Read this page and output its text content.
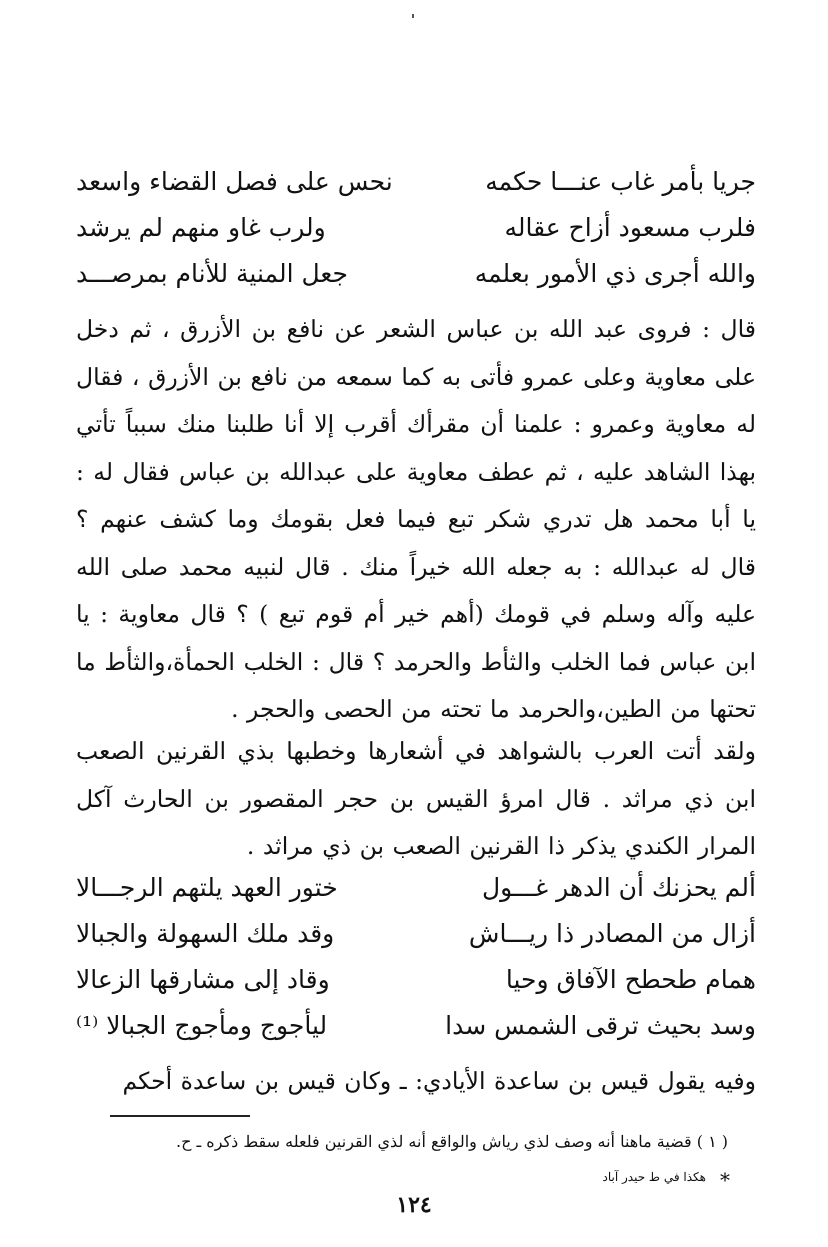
جريا بأمر غاب عنـــا حكمه
نحس على فصل القضاء واسعد
فلرب مسعود أزاح عقاله
ولرب غاو منهم لم يرشد
والله أجرى ذي الأمور بعلمه
جعل المنية للأنام بمرصـــد
قال : فروى عبد الله بن عباس الشعر عن نافع بن الأزرق ، ثم دخل على معاوية وعلى عمرو فأتى به كما سمعه من نافع بن الأزرق ، فقال له معاوية وعمرو : علمنا أن مقرأك أقرب إلا أنا طلبنا منك سبباً تأتي بهذا الشاهد عليه ، ثم عطف معاوية على عبدالله بن عباس فقال له : يا أبا محمد هل تدري شكر تبع فيما فعل بقومك وما كشف عنهم ؟ قال له عبدالله : به جعله الله خيراً منك . قال لنبيه محمد صلى الله عليه وآله وسلم في قومك (أهم خير أم قوم تبع ) ؟ قال معاوية : يا ابن عباس فما الخلب والثأط والحرمد ؟ قال : الخلب الحمأة،والثأط ما تحتها من الطين،والحرمد ما تحته من الحصى والحجر .
ولقد أتت العرب بالشواهد في أشعارها وخطبها بذي القرنين الصعب ابن ذي مراثد . قال امرؤ القيس بن حجر المقصور بن الحارث آكل المرار الكندي يذكر ذا القرنين الصعب بن ذي مراثد .
ألم يحزنك أن الدهر غـــول
ختور العهد يلتهم الرجـــالا
أزال من المصادر ذا ريـــاش
وقد ملك السهولة والجبالا
همام طحطح الآفاق وحيا
وقاد إلى مشارقها الزعالا
وسد بحيث ترقى الشمس سدا
ليأجوج ومأجوج الجبالا ⁽¹⁾
وفيه يقول قيس بن ساعدة الأيادي: ـ وكان قيس بن ساعدة أحكم
( ١ ) قضية ماهنا أنه وصف لذي رياش والواقع أنه لذي القرنين فلعله سقط ذكره ـ ح.
*
هكذا في ط حيدر آباد
١٢٤
